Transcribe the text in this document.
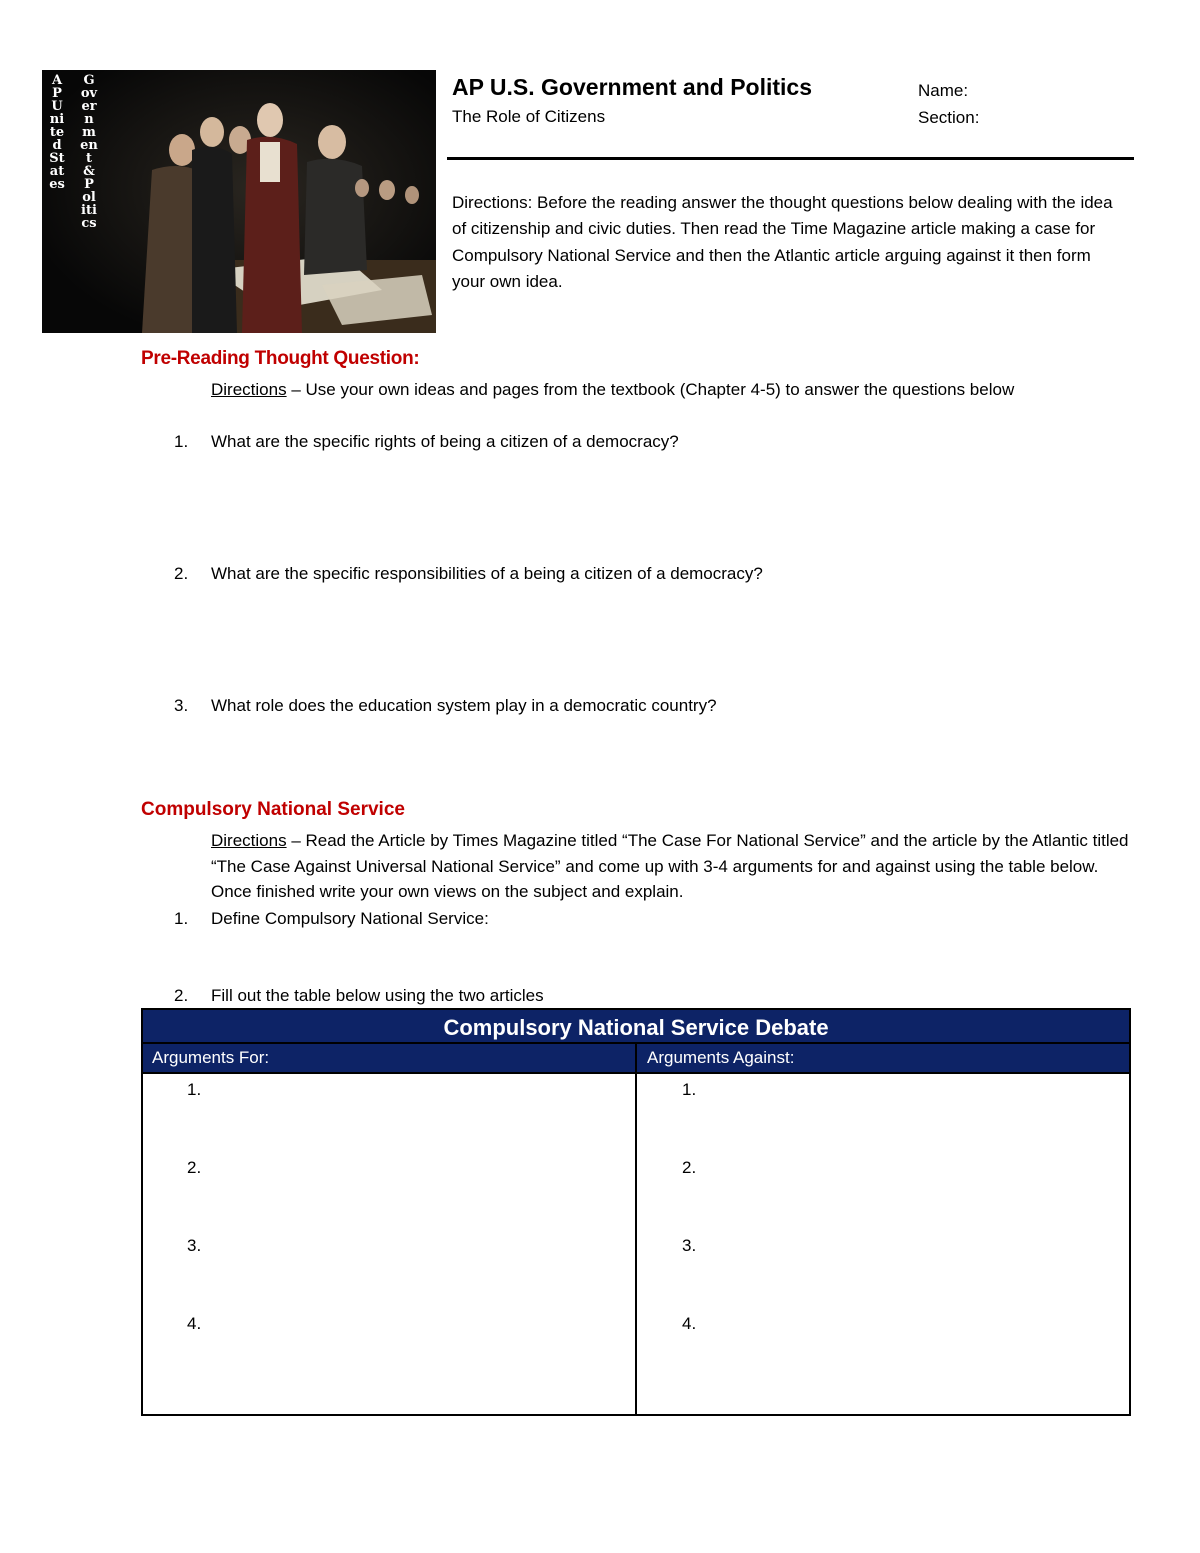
AP United States
Government & Politics
AP U.S. Government and Politics
The Role of Citizens
Name:
Section:
Directions: Before the reading answer the thought questions below dealing with the idea of citizenship and civic duties. Then read the Time Magazine article making a case for Compulsory National Service and then the Atlantic article arguing against it then form your own idea.
Pre-Reading Thought Question:
Directions – Use your own ideas and pages from the textbook (Chapter 4-5) to answer the questions below
1. What are the specific rights of being a citizen of a democracy?
2. What are the specific responsibilities of a being a citizen of a democracy?
3. What role does the education system play in a democratic country?
Compulsory National Service
Directions – Read the Article by Times Magazine titled “The Case For National Service” and the article by the Atlantic titled “The Case Against Universal National Service” and come up with 3-4 arguments for and against using the table below. Once finished write your own views on the subject and explain.
1. Define Compulsory National Service:
2. Fill out the table below using the two articles
Compulsory National Service Debate
Arguments For:	Arguments Against:
1.
2.
3.
4.
1.
2.
3.
4.
